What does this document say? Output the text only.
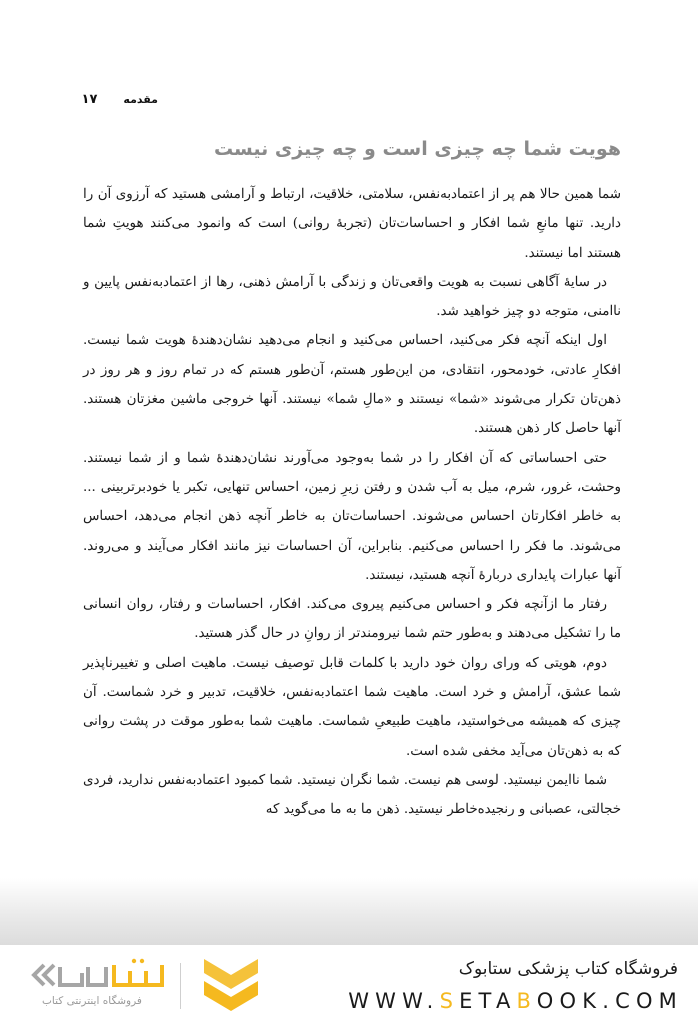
۱۷ مقدمه
هویت شما چه چیزی است و چه چیزی نیست

شما همین حالا هم پر از اعتمادبه‌نفس، سلامتی، خلاقیت، ارتباط و آرامشی هستید که آرزوی آن را دارید. تنها مانعِ شما افکار و احساسات‌تان (تجربهٔ روانی) است که وانمود می‌کنند هویتِ شما هستند اما نیستند.

در سایهٔ آگاهی نسبت به هویت واقعی‌تان و زندگی با آرامش ذهنی، رها از اعتمادبه‌نفس پایین و ناامنی، متوجه دو چیز خواهید شد.

اول اینکه آنچه فکر می‌کنید، احساس می‌کنید و انجام می‌دهید نشان‌دهندهٔ هویت شما نیست. افکارِ عادتی، خودمحور، انتقادی، من این‌طور هستم، آن‌طور هستم که در تمام روز و هر روز در ذهن‌تان تکرار می‌شوند «شما» نیستند و «مالِ شما» نیستند. آنها خروجی ماشین مغزتان هستند. آنها حاصل کار ذهن هستند.

حتی احساساتی که آن افکار را در شما به‌وجود می‌آورند نشان‌دهندهٔ شما و از شما نیستند. وحشت، غرور، شرم، میل به آب شدن و رفتن زیرِ زمین، احساس تنهایی، تکبر یا خودبرتربینی ... به خاطر افکارتان احساس می‌شوند. احساسات‌تان به خاطر آنچه ذهن انجام می‌دهد، احساس می‌شوند. ما فکر را احساس می‌کنیم. بنابراین، آن احساسات نیز مانند افکار می‌آیند و می‌روند. آنها عبارات پایداری دربارهٔ آنچه هستید، نیستند.

رفتار ما ازآنچه فکر و احساس می‌کنیم پیروی می‌کند. افکار، احساسات و رفتار، روان انسانی ما را تشکیل می‌دهند و به‌طور حتم شما نیرومندتر از روانِ در حال گذر هستید.

دوم، هویتی که ورای روان خود دارید با کلمات قابل توصیف نیست. ماهیت اصلی و تغییرناپذیر شما عشق، آرامش و خرد است. ماهیت شما اعتمادبه‌نفس، خلاقیت، تدبیر و خرد شماست. آن چیزی که همیشه می‌خواستید، ماهیت طبیعیِ شماست. ماهیت شما به‌طور موقت در پشت روانی که به ذهن‌تان می‌آید مخفی شده است.

شما ناایمن نیستید. لوسی هم نیست. شما نگران نیستید. شما کمبود اعتمادبه‌نفس ندارید، فردی خجالتی، عصبانی و رنجیده‌خاطر نیستید. ذهن ما به ما می‌گوید که

فروشگاه اینترنتی کتاب
فروشگاه کتاب پزشکی ستابوک
WWW.SETABOOK.COM
